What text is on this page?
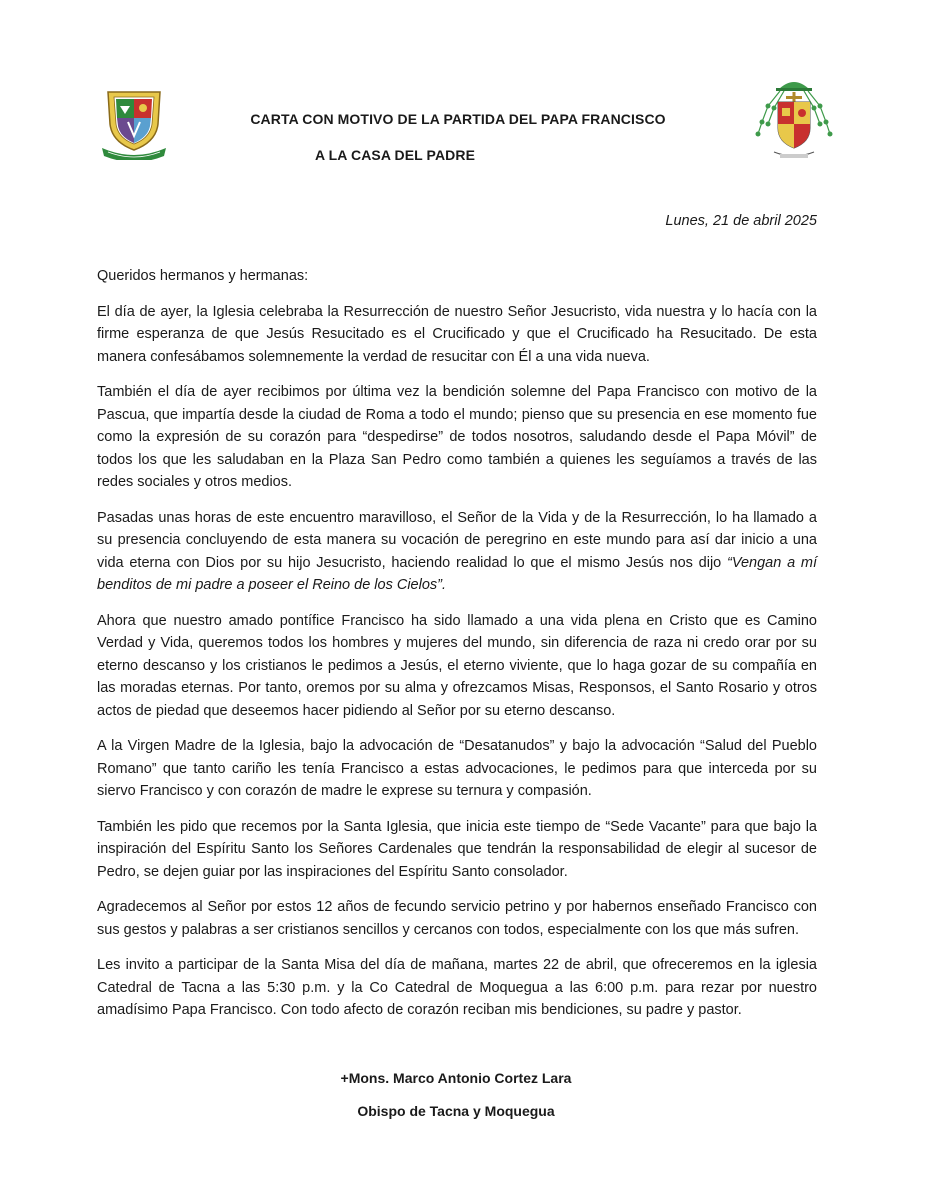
CARTA CON MOTIVO DE LA PARTIDA DEL PAPA FRANCISCO
A LA CASA DEL PADRE
Lunes, 21 de abril 2025

Queridos hermanos y hermanas:

El día de ayer, la Iglesia celebraba la Resurrección de nuestro Señor Jesucristo, vida nuestra y lo hacía con la firme esperanza de que Jesús Resucitado es el Crucificado y que el Crucificado ha Resucitado. De esta manera confesábamos solemnemente la verdad de resucitar con Él a una vida nueva.

También el día de ayer recibimos por última vez la bendición solemne del Papa Francisco con motivo de la Pascua, que impartía desde la ciudad de Roma a todo el mundo; pienso que su presencia en ese momento fue como la expresión de su corazón para “despedirse” de todos nosotros, saludando desde el Papa Móvil” de todos los que les saludaban en la Plaza San Pedro como también a quienes les seguíamos a través de las redes sociales y otros medios.

Pasadas unas horas de este encuentro maravilloso, el Señor de la Vida y de la Resurrección, lo ha llamado a su presencia concluyendo de esta manera su vocación de peregrino en este mundo para así dar inicio a una vida eterna con Dios por su hijo Jesucristo, haciendo realidad lo que el mismo Jesús nos dijo “Vengan a mí benditos de mi padre a poseer el Reino de los Cielos”.

Ahora que nuestro amado pontífice Francisco ha sido llamado a una vida plena en Cristo que es Camino Verdad y Vida, queremos todos los hombres y mujeres del mundo, sin diferencia de raza ni credo orar por su eterno descanso y los cristianos le pedimos a Jesús, el eterno viviente, que lo haga gozar de su compañía en las moradas eternas. Por tanto, oremos por su alma y ofrezcamos Misas, Responsos, el Santo Rosario y otros actos de piedad que deseemos hacer pidiendo al Señor por su eterno descanso.

A la Virgen Madre de la Iglesia, bajo la advocación de “Desatanudos” y bajo la advocación “Salud del Pueblo Romano” que tanto cariño les tenía Francisco a estas advocaciones, le pedimos para que interceda por su siervo Francisco y con corazón de madre le exprese su ternura y compasión.

También les pido que recemos por la Santa Iglesia, que inicia este tiempo de “Sede Vacante” para que bajo la inspiración del Espíritu Santo los Señores Cardenales que tendrán la responsabilidad de elegir al sucesor de Pedro, se dejen guiar por las inspiraciones del Espíritu Santo consolador.

Agradecemos al Señor por estos 12 años de fecundo servicio petrino y por habernos enseñado Francisco con sus gestos y palabras a ser cristianos sencillos y cercanos con todos, especialmente con los que más sufren.

Les invito a participar de la Santa Misa del día de mañana, martes 22 de abril, que ofreceremos en la iglesia Catedral de Tacna a las 5:30 p.m. y la Co Catedral de Moquegua a las 6:00 p.m. para rezar por nuestro amadísimo Papa Francisco. Con todo afecto de corazón reciban mis bendiciones, su padre y pastor.

+Mons. Marco Antonio Cortez Lara
Obispo de Tacna y Moquegua
